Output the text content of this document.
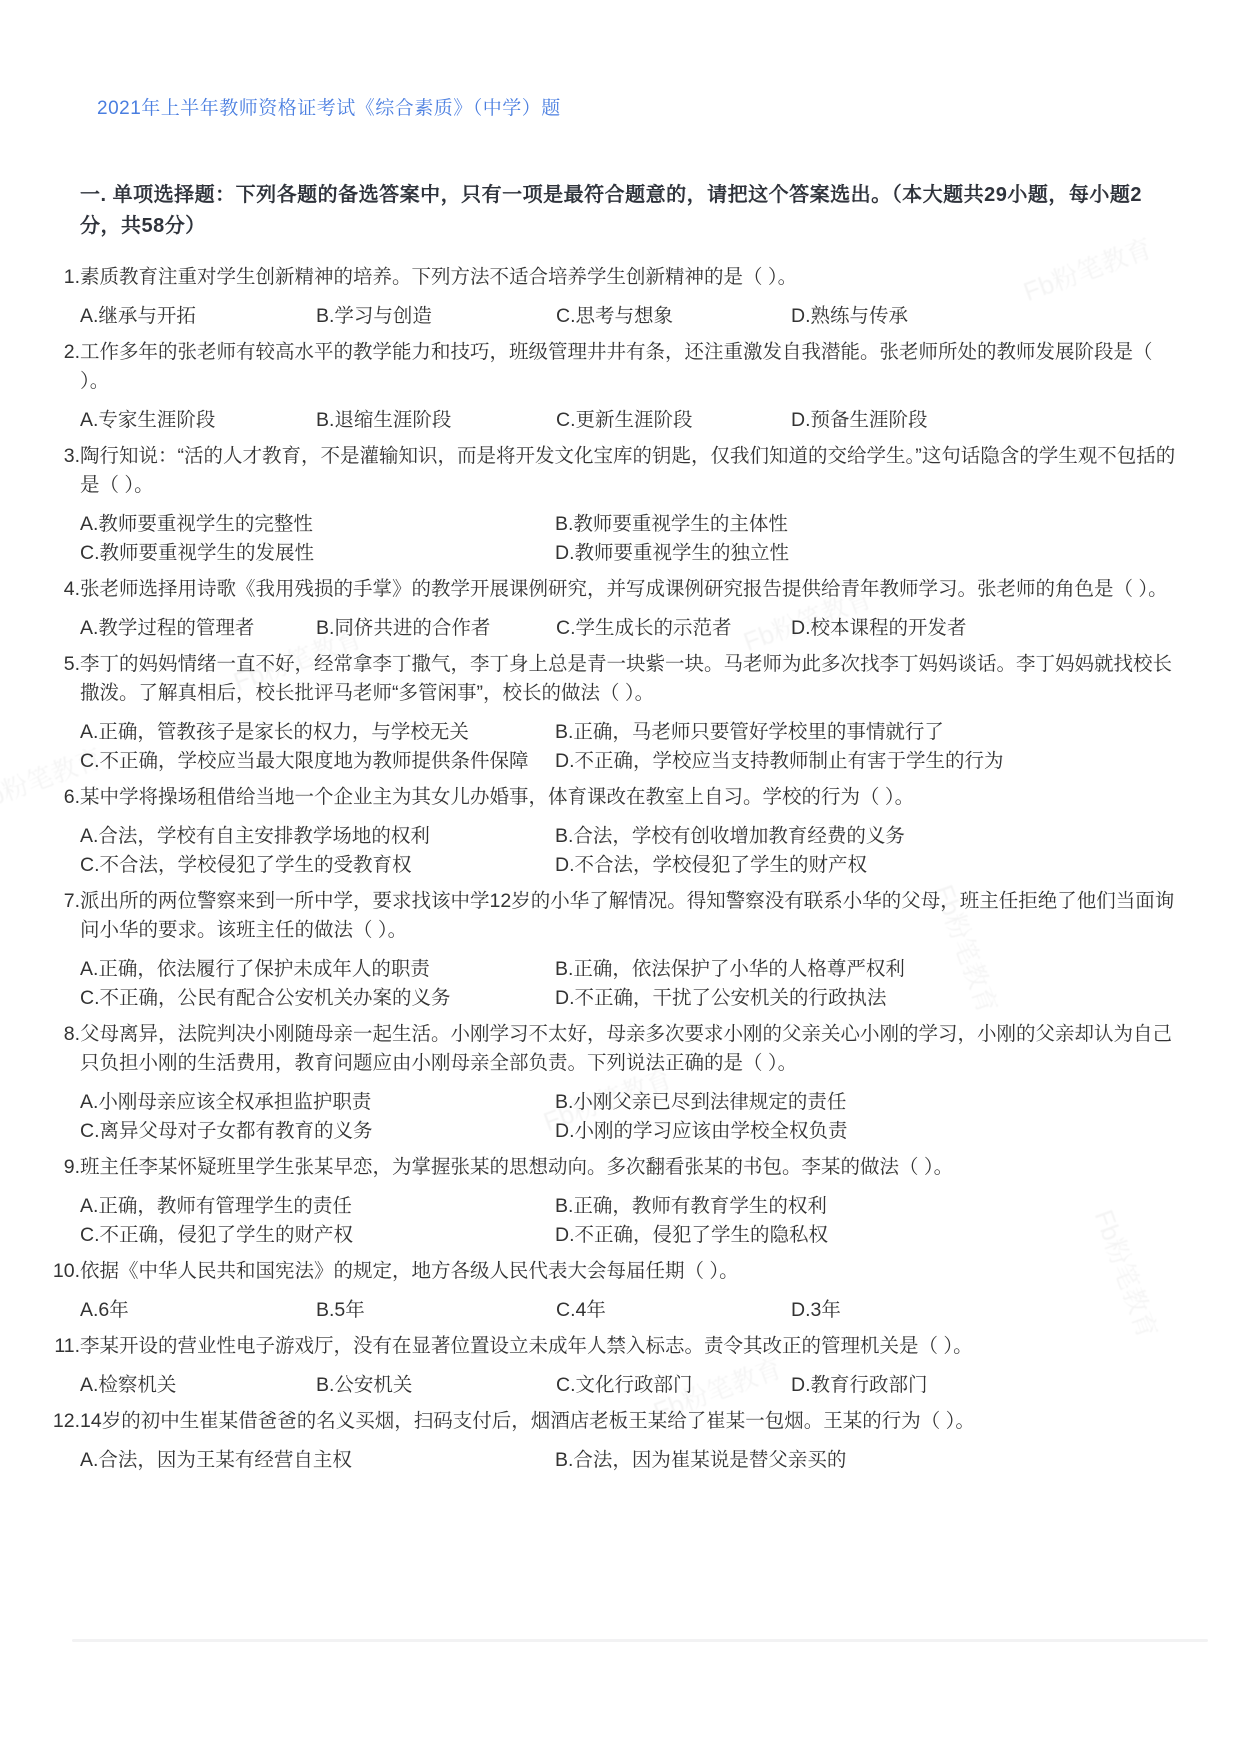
2021年上半年教师资格证考试《综合素质》（中学）题
一. 单项选择题：下列各题的备选答案中，只有一项是最符合题意的，请把这个答案选出。（本大题共29小题，每小题2分，共58分）
1. 素质教育注重对学生创新精神的培养。下列方法不适合培养学生创新精神的是（ ）。
A.继承与开拓	B.学习与创造	C.思考与想象	D.熟练与传承
2. 工作多年的张老师有较高水平的教学能力和技巧，班级管理井井有条，还注重激发自我潜能。张老师所处的教师发展阶段是（ ）。
A.专家生涯阶段	B.退缩生涯阶段	C.更新生涯阶段	D.预备生涯阶段
3. 陶行知说：“活的人才教育，不是灌输知识，而是将开发文化宝库的钥匙，仅我们知道的交给学生。”这句话隐含的学生观不包括的是（ ）。
A.教师要重视学生的完整性	B.教师要重视学生的主体性
C.教师要重视学生的发展性	D.教师要重视学生的独立性
4. 张老师选择用诗歌《我用残损的手掌》的教学开展课例研究，并写成课例研究报告提供给青年教师学习。张老师的角色是（ ）。
A.教学过程的管理者	B.同侪共进的合作者	C.学生成长的示范者	D.校本课程的开发者
5. 李丁的妈妈情绪一直不好，经常拿李丁撒气，李丁身上总是青一块紫一块。马老师为此多次找李丁妈妈谈话。李丁妈妈就找校长撒泼。了解真相后，校长批评马老师“多管闲事”，校长的做法（ ）。
A.正确，管教孩子是家长的权力，与学校无关	B.正确，马老师只要管好学校里的事情就行了
C.不正确，学校应当最大限度地为教师提供条件保障	D.不正确，学校应当支持教师制止有害于学生的行为
6. 某中学将操场租借给当地一个企业主为其女儿办婚事，体育课改在教室上自习。学校的行为（ ）。
A.合法，学校有自主安排教学场地的权利	B.合法，学校有创收增加教育经费的义务
C.不合法，学校侵犯了学生的受教育权	D.不合法，学校侵犯了学生的财产权
7. 派出所的两位警察来到一所中学，要求找该中学12岁的小华了解情况。得知警察没有联系小华的父母，班主任拒绝了他们当面询问小华的要求。该班主任的做法（ ）。
A.正确，依法履行了保护未成年人的职责	B.正确，依法保护了小华的人格尊严权利
C.不正确，公民有配合公安机关办案的义务	D.不正确，干扰了公安机关的行政执法
8. 父母离异，法院判决小刚随母亲一起生活。小刚学习不太好，母亲多次要求小刚的父亲关心小刚的学习，小刚的父亲却认为自己只负担小刚的生活费用，教育问题应由小刚母亲全部负责。下列说法正确的是（ ）。
A.小刚母亲应该全权承担监护职责	B.小刚父亲已尽到法律规定的责任
C.离异父母对子女都有教育的义务	D.小刚的学习应该由学校全权负责
9. 班主任李某怀疑班里学生张某早恋，为掌握张某的思想动向。多次翻看张某的书包。李某的做法（ ）。
A.正确，教师有管理学生的责任	B.正确，教师有教育学生的权利
C.不正确，侵犯了学生的财产权	D.不正确，侵犯了学生的隐私权
10. 依据《中华人民共和国宪法》的规定，地方各级人民代表大会每届任期（ ）。
A.6年	B.5年	C.4年	D.3年
11. 李某开设的营业性电子游戏厅，没有在显著位置设立未成年人禁入标志。责令其改正的管理机关是（ ）。
A.检察机关	B.公安机关	C.文化行政部门	D.教育行政部门
12. 14岁的初中生崔某借爸爸的名义买烟，扫码支付后，烟酒店老板王某给了崔某一包烟。王某的行为（ ）。
A.合法，因为王某有经营自主权	B.合法，因为崔某说是替父亲买的
